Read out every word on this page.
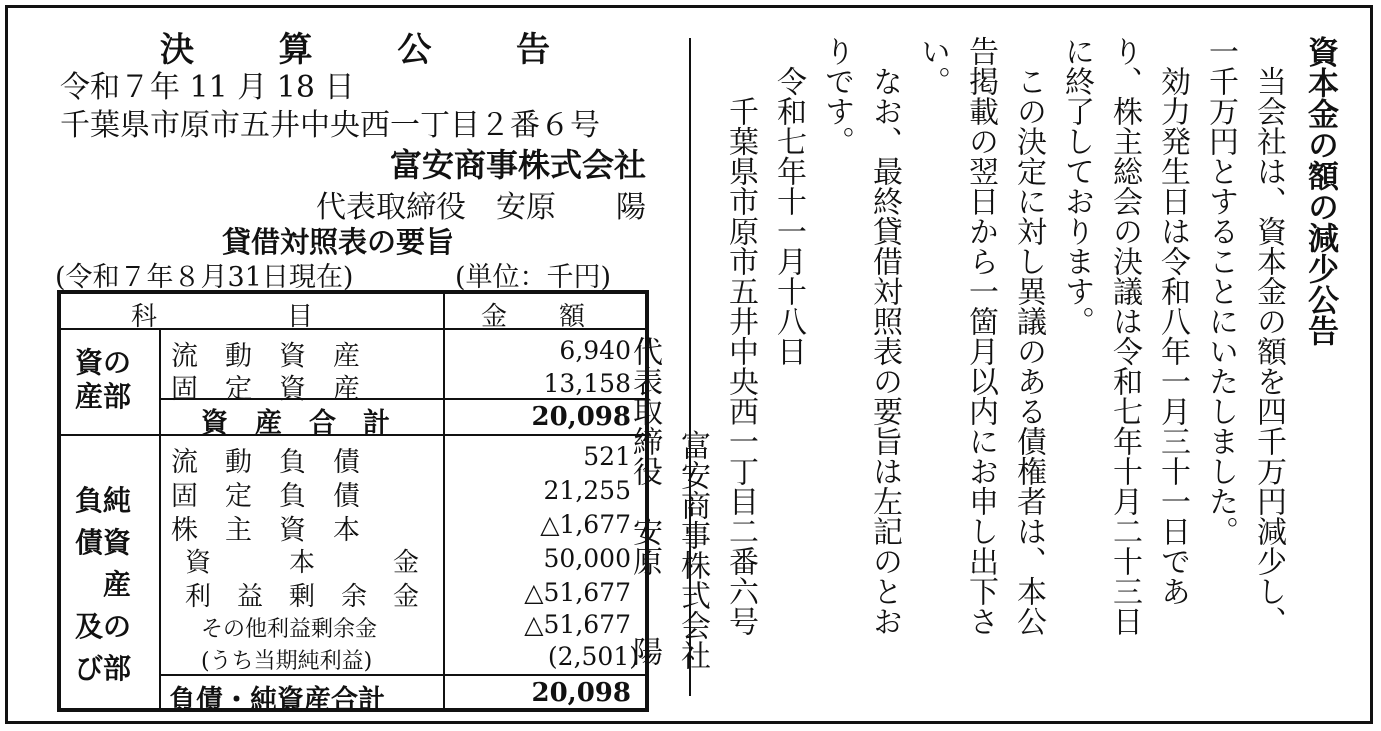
決 算 公 告
令和７年 11 月 18 日
千葉県市原市五井中央西一丁目２番６号
富安商事株式会社
代表取締役　安原　　陽
貸借対照表の要旨
(令和７年８月31日現在)	(単位：千円)
科　　　　　目	金　　額
資の
産部
流　動　資　産	6,940
固　定　資　産	13,158
資　産　合　計	20,098
負純
債資
産
及の
び部
流　動　負　債	521
固　定　負　債	21,255
株　主　資　本	△1,677
資　　　本　　　金	50,000
利　益　剰　余　金	△51,677
その他利益剰余金	△51,677
(うち当期純利益)	(2,501)
負債・純資産合計	20,098
資本金の額の減少公告
当会社は、資本金の額を四千万円減少し、
一千万円とすることにいたしました。
効力発生日は令和八年一月三十一日であ
り、株主総会の決議は令和七年十月二十三日
に終了しております。
この決定に対し異議のある債権者は、本公
告掲載の翌日から一箇月以内にお申し出下さ
い。
なお、最終貸借対照表の要旨は左記のとお
りです。
令和七年十一月十八日
千葉県市原市五井中央西一丁目二番六号
富安商事株式会社
代表取締役　安原　　陽
